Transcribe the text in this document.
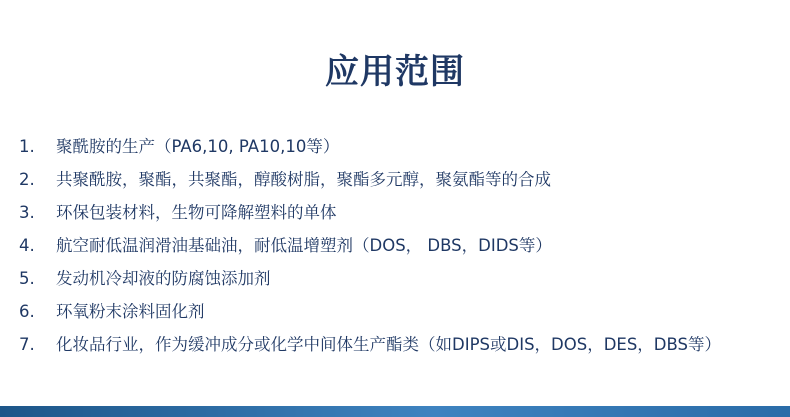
应用范围
1.	聚酰胺的生产（PA6,10, PA10,10等）
2.	共聚酰胺，聚酯，共聚酯，醇酸树脂，聚酯多元醇，聚氨酯等的合成
3.	环保包装材料，生物可降解塑料的单体
4.	航空耐低温润滑油基础油，耐低温增塑剂（DOS， DBS，DIDS等）
5.	发动机冷却液的防腐蚀添加剂
6.	环氧粉末涂料固化剂
7.	化妆品行业，作为缓冲成分或化学中间体生产酯类（如DIPS或DIS，DOS，DES，DBS等）
